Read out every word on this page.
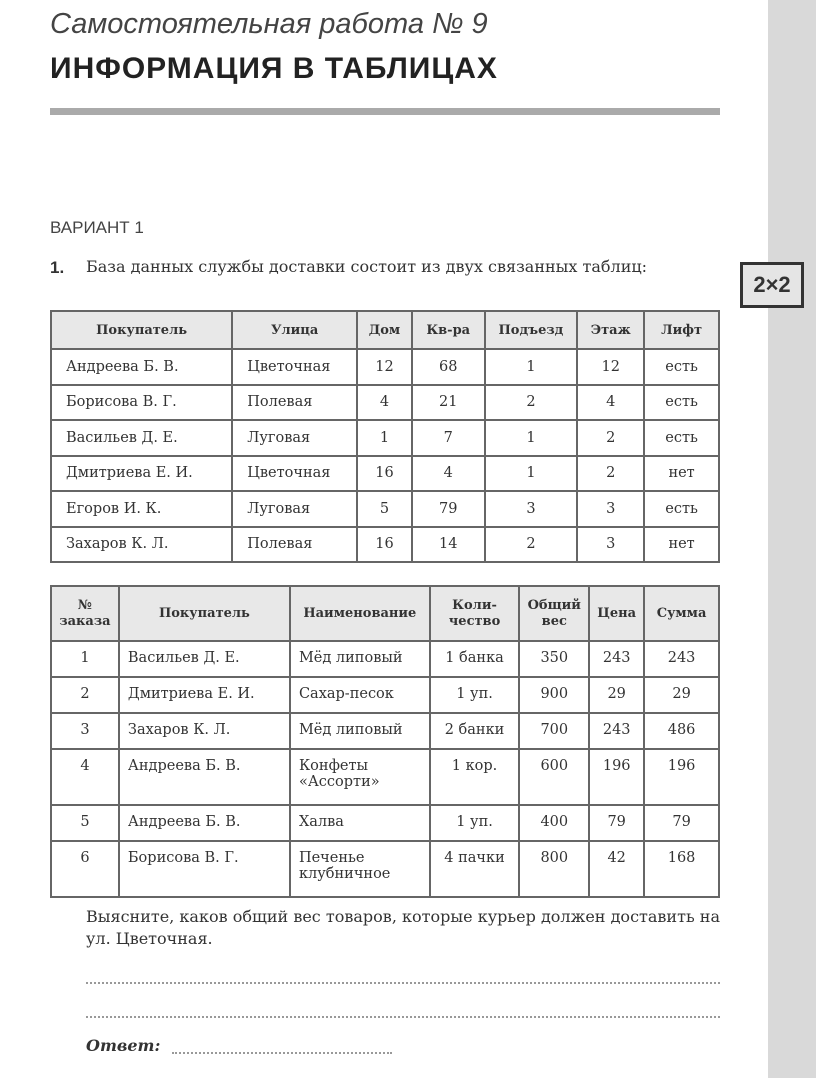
Самостоятельная работа № 9
ИНФОРМАЦИЯ В ТАБЛИЦАХ
ВАРИАНТ 1
1. База данных службы доставки состоит из двух связанных таблиц:
2×2
Покупатель	Улица	Дом	Кв-ра	Подъезд	Этаж	Лифт
Андреева Б. В.	Цветочная	12	68	1	12	есть
Борисова В. Г.	Полевая	4	21	2	4	есть
Васильев Д. Е.	Луговая	1	7	1	2	есть
Дмитриева Е. И.	Цветочная	16	4	1	2	нет
Егоров И. К.	Луговая	5	79	3	3	есть
Захаров К. Л.	Полевая	16	14	2	3	нет
№ заказа	Покупатель	Наименование	Коли-чество	Общий вес	Цена	Сумма
1	Васильев Д. Е.	Мёд липовый	1 банка	350	243	243
2	Дмитриева Е. И.	Сахар-песок	1 уп.	900	29	29
3	Захаров К. Л.	Мёд липовый	2 банки	700	243	486
4	Андреева Б. В.	Конфеты «Ассорти»	1 кор.	600	196	196
5	Андреева Б. В.	Халва	1 уп.	400	79	79
6	Борисова В. Г.	Печенье клубничное	4 пачки	800	42	168
Выясните, каков общий вес товаров, которые курьер должен доставить на ул. Цветочная.
Ответ:
